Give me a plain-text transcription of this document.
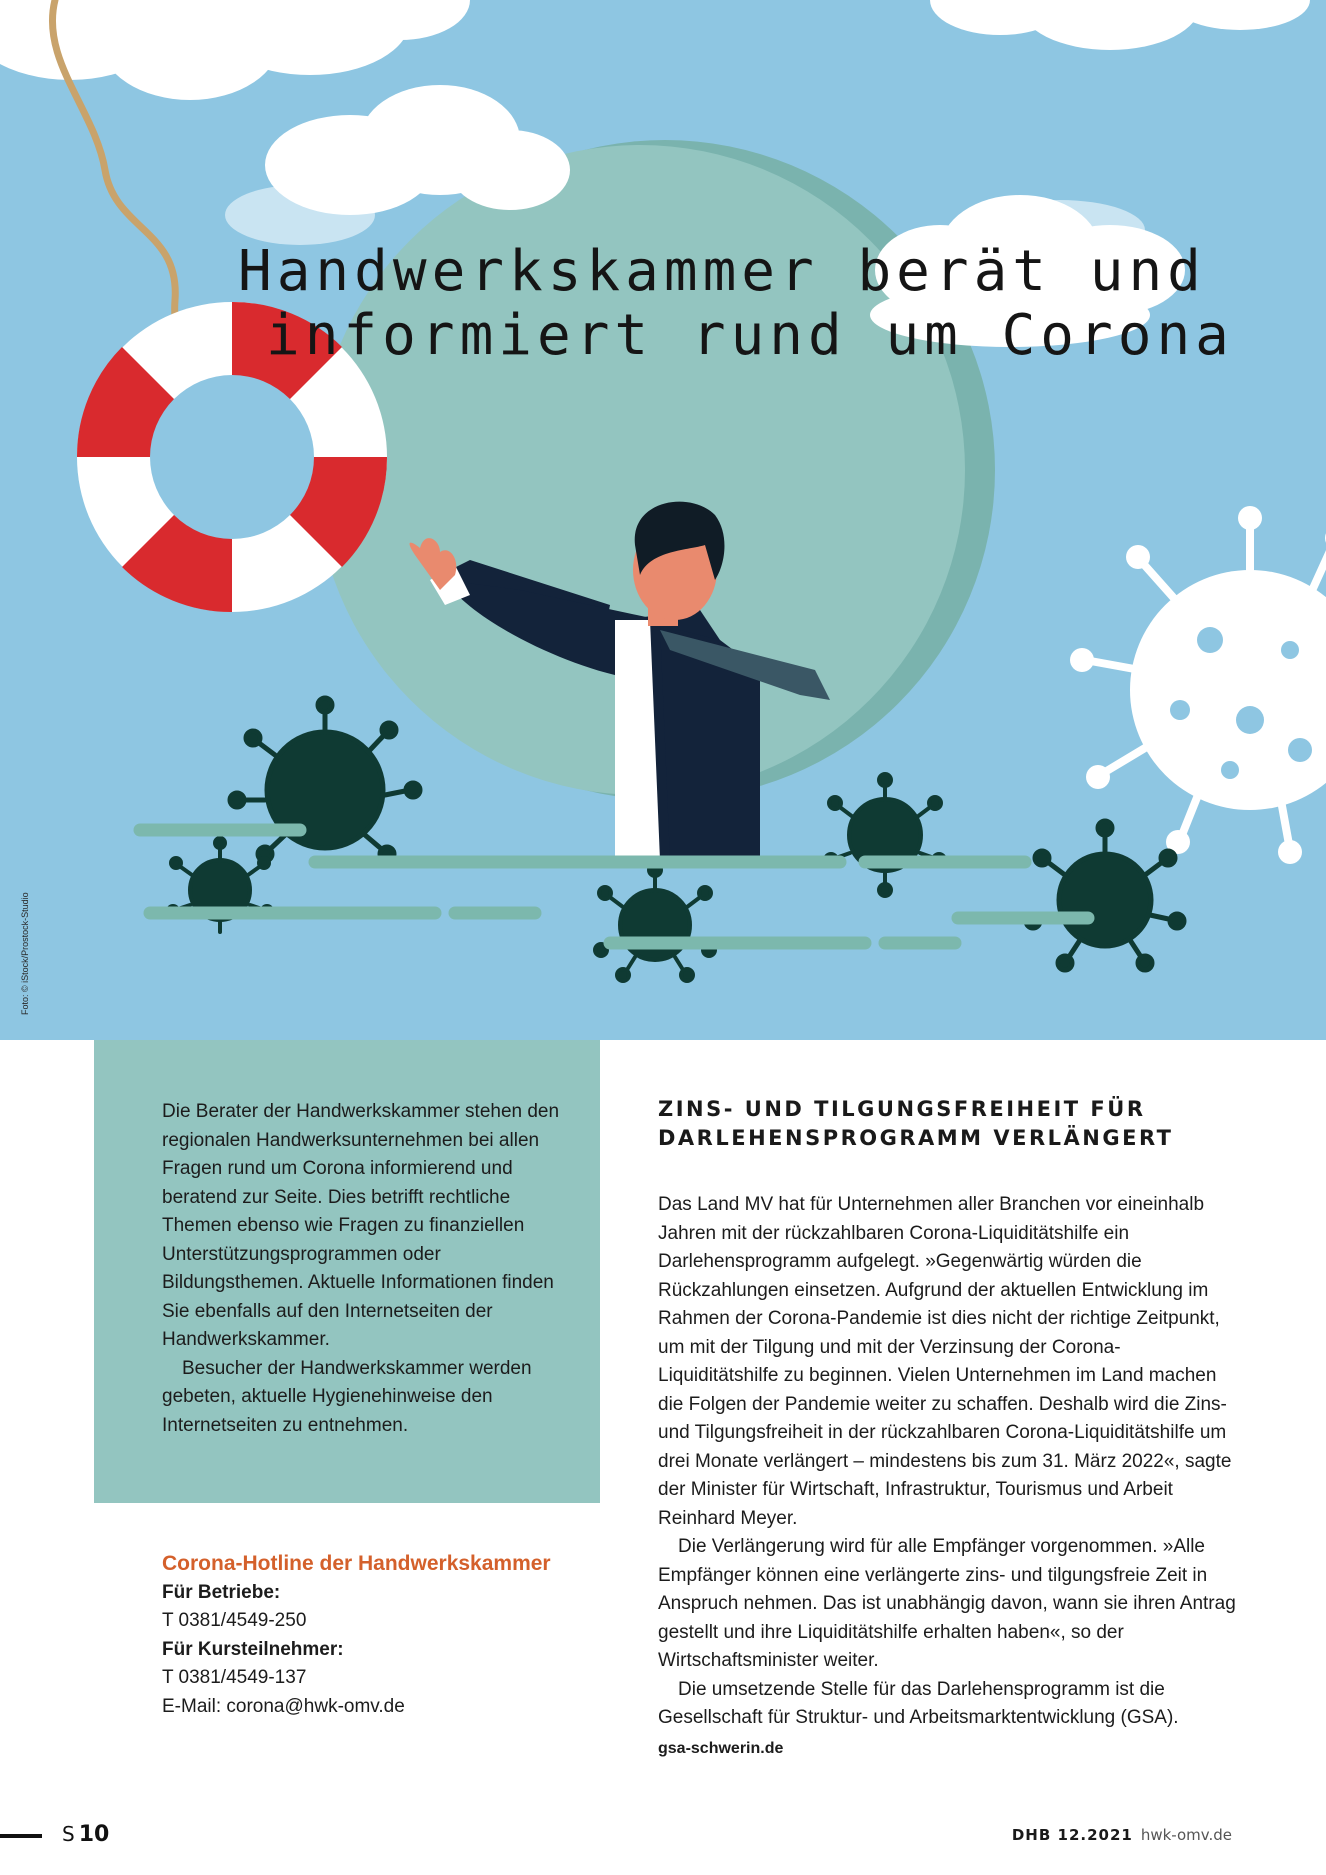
Handwerkskammer berät und
informiert rund um Corona
Foto: © iStock/Prostock-Studio

Die Berater der Handwerkskammer stehen den regionalen Handwerksunternehmen bei allen Fragen rund um Corona informierend und beratend zur Seite. Dies betrifft rechtliche Themen ebenso wie Fragen zu finanziellen Unterstützungsprogrammen oder Bildungsthemen. Aktuelle Informationen finden Sie ebenfalls auf den Internetseiten der Handwerkskammer.

Besucher der Handwerkskammer werden gebeten, aktuelle Hygienehinweise den Internetseiten zu entnehmen.

Corona-Hotline der Handwerkskammer
Für Betriebe:
T 0381/4549-250
Für Kursteilnehmer:
T 0381/4549-137
E-Mail: corona@hwk-omv.de
ZINS- UND TILGUNGSFREIHEIT FÜR
DARLEHENSPROGRAMM VERLÄNGERT

Das Land MV hat für Unternehmen aller Branchen vor eineinhalb Jahren mit der rückzahlbaren Corona-Liquiditätshilfe ein Darlehensprogramm aufgelegt. »Gegenwärtig würden die Rückzahlungen einsetzen. Aufgrund der aktuellen Entwicklung im Rahmen der Corona-Pandemie ist dies nicht der richtige Zeitpunkt, um mit der Tilgung und mit der Verzinsung der Corona-Liquiditätshilfe zu beginnen. Vielen Unternehmen im Land machen die Folgen der Pandemie weiter zu schaffen. Deshalb wird die Zins- und Tilgungsfreiheit in der rückzahlbaren Corona-Liquiditätshilfe um drei Monate verlängert – mindestens bis zum 31. März 2022«, sagte der Minister für Wirtschaft, Infrastruktur, Tourismus und Arbeit Reinhard Meyer.

Die Verlängerung wird für alle Empfänger vorgenommen. »Alle Empfänger können eine verlängerte zins- und tilgungsfreie Zeit in Anspruch nehmen. Das ist unabhängig davon, wann sie ihren Antrag gestellt und ihre Liquiditätshilfe erhalten haben«, so der Wirtschaftsminister weiter.

Die umsetzende Stelle für das Darlehensprogramm ist die Gesellschaft für Struktur- und Arbeitsmarktentwicklung (GSA).

gsa-schwerin.de
S 10	DHB 12.2021 hwk-omv.de
